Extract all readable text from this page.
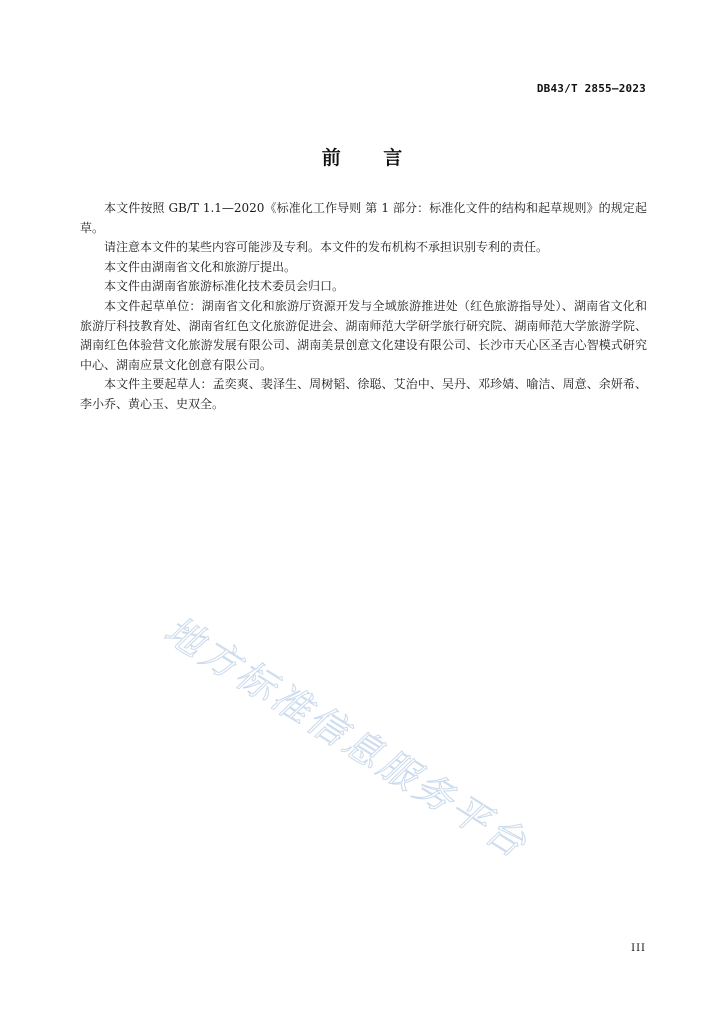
DB43/T 2855—2023
前 言

本文件按照 GB/T 1.1—2020《标准化工作导则 第 1 部分：标准化文件的结构和起草规则》的规定起草。

请注意本文件的某些内容可能涉及专利。本文件的发布机构不承担识别专利的责任。

本文件由湖南省文化和旅游厅提出。

本文件由湖南省旅游标准化技术委员会归口。

本文件起草单位：湖南省文化和旅游厅资源开发与全域旅游推进处（红色旅游指导处）、湖南省文化和旅游厅科技教育处、湖南省红色文化旅游促进会、湖南师范大学研学旅行研究院、湖南师范大学旅游学院、湖南红色体验营文化旅游发展有限公司、湖南美景创意文化建设有限公司、长沙市天心区圣吉心智模式研究中心、湖南应景文化创意有限公司。

本文件主要起草人：孟奕爽、裴泽生、周树韬、徐聪、艾治中、吴丹、邓珍婧、喻洁、周意、余妍希、李小乔、黄心玉、史双全。

地方标准信息服务平台
III
